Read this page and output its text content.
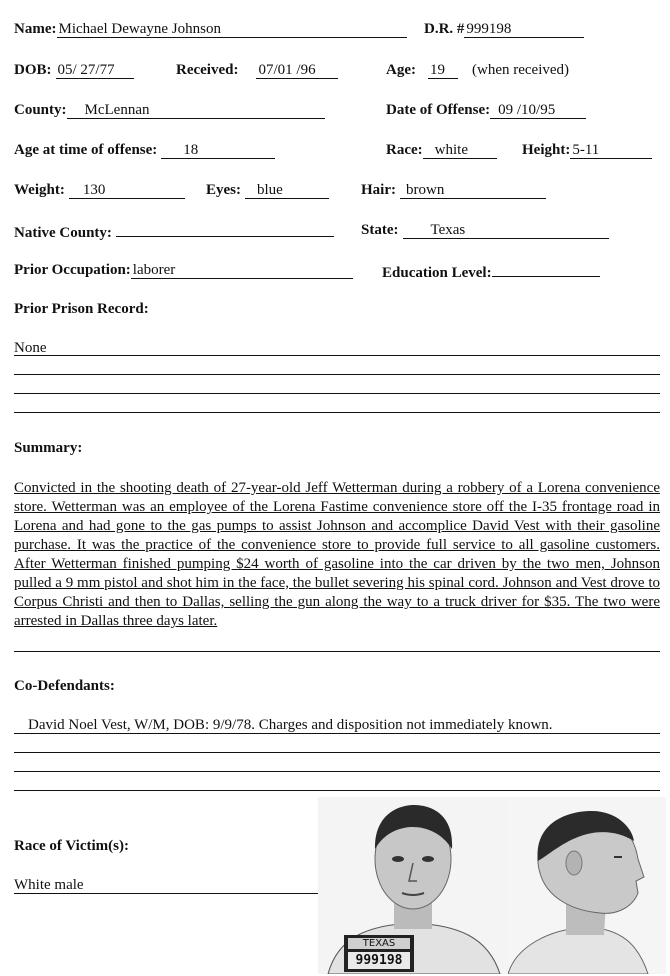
Name: Michael Dewayne Johnson	D.R. # 999198
DOB: 05/ 27/77	Received: 07/01 /96	Age: 19 (when received)
County: McLennan	Date of Offense: 09 /10/95
Age at time of offense: 18	Race: white	Height: 5-11
Weight: 130	Eyes: blue	Hair: brown
Native County:	State: Texas
Prior Occupation: laborer	Education Level:
Prior Prison Record:
None
Summary:
Convicted in the shooting death of 27-year-old Jeff Wetterman during a robbery of a Lorena convenience store. Wetterman was an employee of the Lorena Fastime convenience store off the I-35 frontage road in Lorena and had gone to the gas pumps to assist Johnson and accomplice David Vest with their gasoline purchase. It was the practice of the convenience store to provide full service to all gasoline customers. After Wetterman finished pumping $24 worth of gasoline into the car driven by the two men, Johnson pulled a 9 mm pistol and shot him in the face, the bullet severing his spinal cord. Johnson and Vest drove to Corpus Christi and then to Dallas, selling the gun along the way to a truck driver for $35. The two were arrested in Dallas three days later.
Co-Defendants:
David Noel Vest, W/M, DOB: 9/9/78. Charges and disposition not immediately known.
Race of Victim(s):
White male
TEXAS
999198
